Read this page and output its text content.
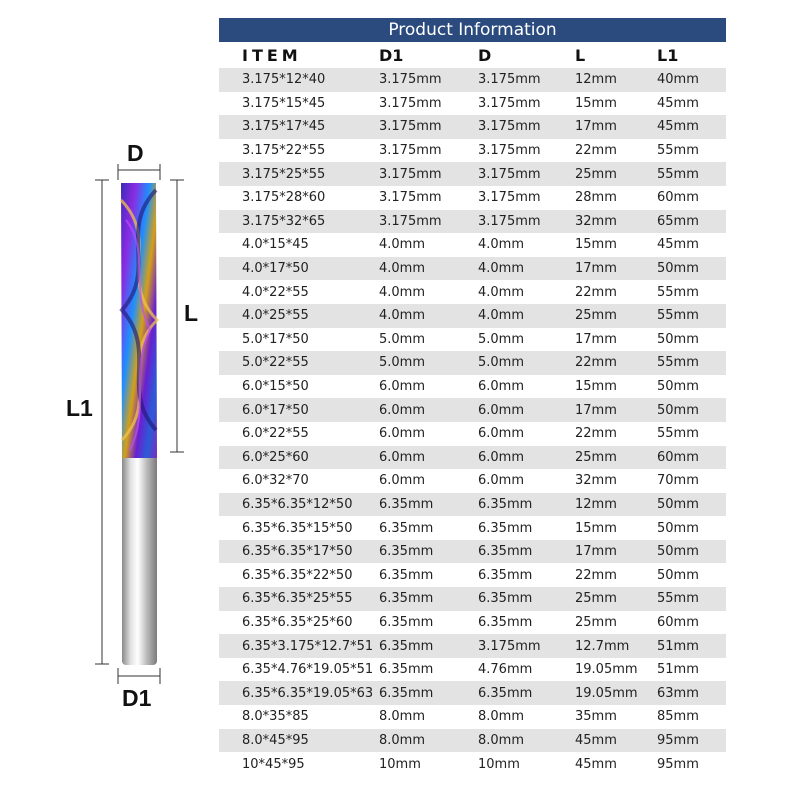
D
L
L1
D1
Product Information
ITEM	D1	D	L	L1
3.175*12*40	3.175mm	3.175mm	12mm	40mm
3.175*15*45	3.175mm	3.175mm	15mm	45mm
3.175*17*45	3.175mm	3.175mm	17mm	45mm
3.175*22*55	3.175mm	3.175mm	22mm	55mm
3.175*25*55	3.175mm	3.175mm	25mm	55mm
3.175*28*60	3.175mm	3.175mm	28mm	60mm
3.175*32*65	3.175mm	3.175mm	32mm	65mm
4.0*15*45	4.0mm	4.0mm	15mm	45mm
4.0*17*50	4.0mm	4.0mm	17mm	50mm
4.0*22*55	4.0mm	4.0mm	22mm	55mm
4.0*25*55	4.0mm	4.0mm	25mm	55mm
5.0*17*50	5.0mm	5.0mm	17mm	50mm
5.0*22*55	5.0mm	5.0mm	22mm	55mm
6.0*15*50	6.0mm	6.0mm	15mm	50mm
6.0*17*50	6.0mm	6.0mm	17mm	50mm
6.0*22*55	6.0mm	6.0mm	22mm	55mm
6.0*25*60	6.0mm	6.0mm	25mm	60mm
6.0*32*70	6.0mm	6.0mm	32mm	70mm
6.35*6.35*12*50	6.35mm	6.35mm	12mm	50mm
6.35*6.35*15*50	6.35mm	6.35mm	15mm	50mm
6.35*6.35*17*50	6.35mm	6.35mm	17mm	50mm
6.35*6.35*22*50	6.35mm	6.35mm	22mm	50mm
6.35*6.35*25*55	6.35mm	6.35mm	25mm	55mm
6.35*6.35*25*60	6.35mm	6.35mm	25mm	60mm
6.35*3.175*12.7*51 6.35mm	3.175mm	12.7mm	51mm
6.35*4.76*19.05*51 6.35mm	4.76mm	19.05mm	51mm
6.35*6.35*19.05*63 6.35mm	6.35mm	19.05mm	63mm
8.0*35*85	8.0mm	8.0mm	35mm	85mm
8.0*45*95	8.0mm	8.0mm	45mm	95mm
10*45*95	10mm	10mm	45mm	95mm
